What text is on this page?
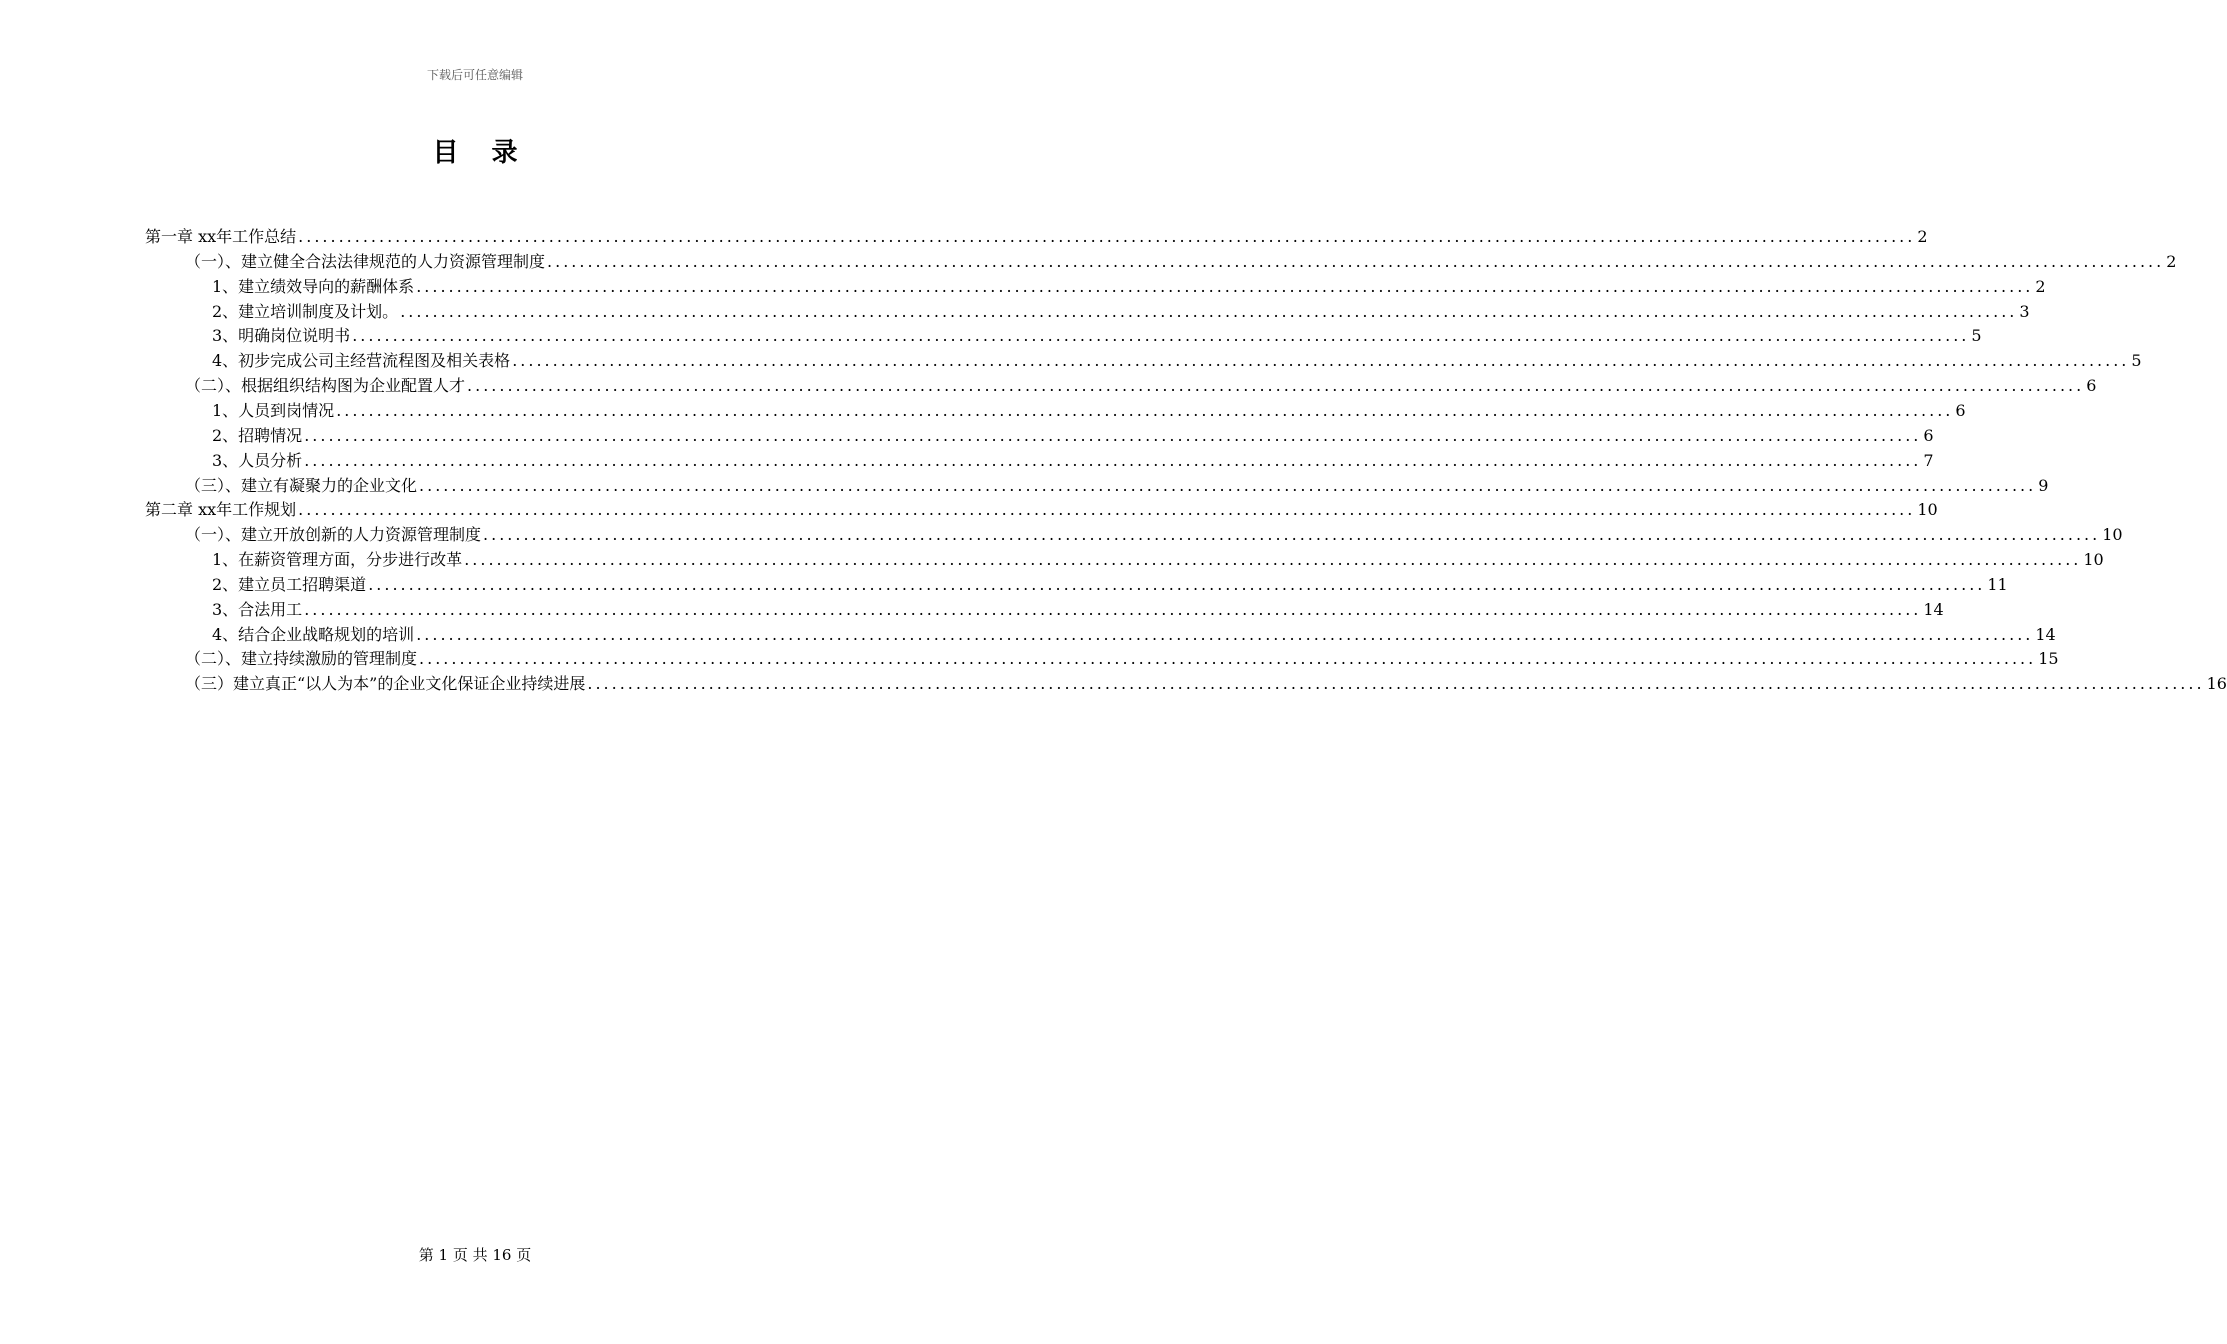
下载后可任意编辑
目 录
第一章 xx年工作总结 ........................................................................................................................................................................................................ 2
（一）、建立健全合法法律规范的人力资源管理制度 ........................................................................................................................................................................................................ 2
1、建立绩效导向的薪酬体系 ........................................................................................................................................................................................................ 2
2、建立培训制度及计划。 ........................................................................................................................................................................................................ 3
3、明确岗位说明书 ........................................................................................................................................................................................................ 5
4、初步完成公司主经营流程图及相关表格 ........................................................................................................................................................................................................ 5
（二）、根据组织结构图为企业配置人才 ........................................................................................................................................................................................................ 6
1、人员到岗情况 ........................................................................................................................................................................................................ 6
2、招聘情况 ........................................................................................................................................................................................................ 6
3、人员分析 ........................................................................................................................................................................................................ 7
（三）、建立有凝聚力的企业文化 ........................................................................................................................................................................................................ 9
第二章 xx年工作规划 ........................................................................................................................................................................................................ 10
（一）、建立开放创新的人力资源管理制度 ........................................................................................................................................................................................................ 10
1、在薪资管理方面，分步进行改革 ........................................................................................................................................................................................................ 10
2、建立员工招聘渠道 ........................................................................................................................................................................................................ 11
3、合法用工 ........................................................................................................................................................................................................ 14
4、结合企业战略规划的培训 ........................................................................................................................................................................................................ 14
（二）、建立持续激励的管理制度 ........................................................................................................................................................................................................ 15
（三）建立真正“以人为本”的企业文化保证企业持续进展 ........................................................................................................................................................................................................ 16
第 1 页 共 16 页
